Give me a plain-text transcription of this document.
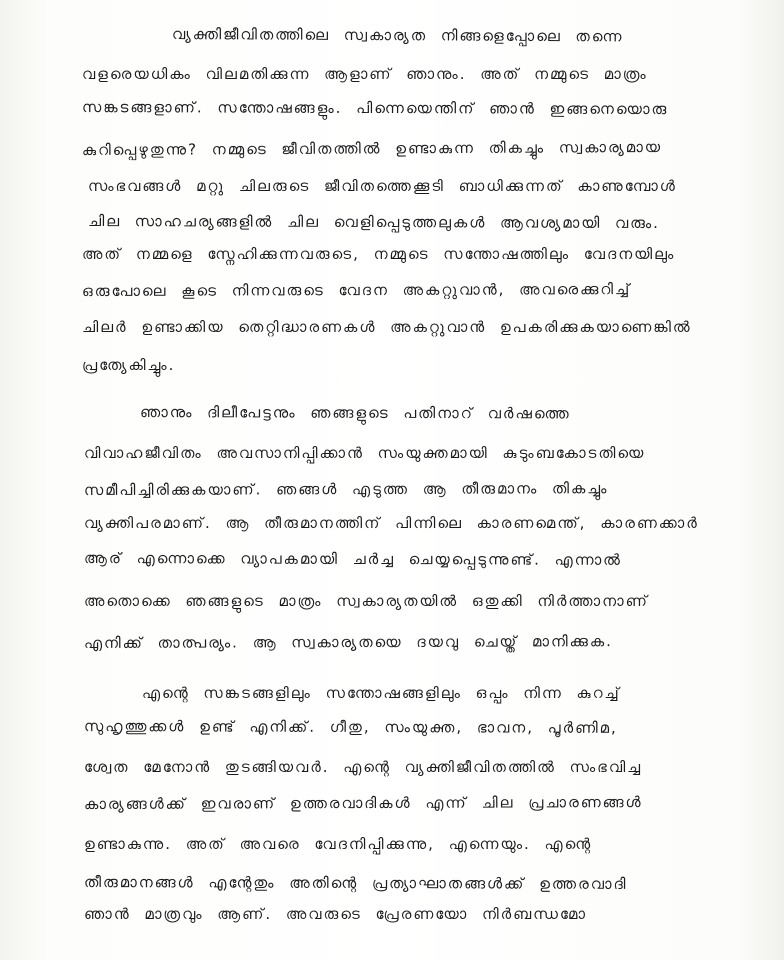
വ്യക്തിജീവിതത്തിലെ സ്വകാര്യത നിങ്ങളെപ്പോലെ തന്നെ
വളരെയധികം വിലമതിക്കുന്ന ആളാണ് ഞാനും. അത് നമ്മുടെ മാത്രം
സങ്കടങ്ങളാണ്. സന്തോഷങ്ങളും. പിന്നെയെന്തിന് ഞാൻ ഇങ്ങനെയൊരു
കുറിപ്പെഴുതുന്നു? നമ്മുടെ ജീവിതത്തിൽ ഉണ്ടാകുന്ന തികച്ചും സ്വകാര്യമായ
സംഭവങ്ങൾ മറ്റു ചിലരുടെ ജീവിതത്തെക്കൂടി ബാധിക്കുന്നത് കാണുമ്പോൾ
ചില സാഹചര്യങ്ങളിൽ ചില വെളിപ്പെടുത്തലുകൾ ആവശ്യമായി വരും.
അത് നമ്മളെ സ്നേഹിക്കുന്നവരുടെ, നമ്മുടെ സന്തോഷത്തിലും വേദനയിലും
ഒരുപോലെ കൂടെ നിന്നവരുടെ വേദന അകറ്റുവാൻ, അവരെക്കുറിച്ച്
ചിലർ ഉണ്ടാക്കിയ തെറ്റിദ്ധാരണകൾ അകറ്റുവാൻ ഉപകരിക്കുകയാണെങ്കിൽ
പ്രത്യേകിച്ചും.
ഞാനും ദിലീപേട്ടനും ഞങ്ങളുടെ പതിനാറ് വർഷത്തെ
വിവാഹജീവിതം അവസാനിപ്പിക്കാൻ സംയുക്തമായി കുടുംബകോടതിയെ
സമീപിച്ചിരിക്കുകയാണ്. ഞങ്ങൾ എടുത്ത ആ തീരുമാനം തികച്ചും
വ്യക്തിപരമാണ്. ആ തീരുമാനത്തിന് പിന്നിലെ കാരണമെന്ത്, കാരണക്കാർ
ആര് എന്നൊക്കെ വ്യാപകമായി ചർച്ച ചെയ്യപ്പെടുന്നുണ്ട്. എന്നാൽ
അതൊക്കെ ഞങ്ങളുടെ മാത്രം സ്വകാര്യതയിൽ ഒതുക്കി നിർത്താനാണ്
എനിക്ക് താത്പര്യം. ആ സ്വകാര്യതയെ ദയവു ചെയ്ത് മാനിക്കുക.
എന്റെ സങ്കടങ്ങളിലും സന്തോഷങ്ങളിലും ഒപ്പം നിന്ന കുറച്ച്
സുഹൃത്തുക്കൾ ഉണ്ട് എനിക്ക്. ഗീതു, സംയുക്ത, ഭാവന, പൂർണിമ,
ശ്വേത മേനോൻ തുടങ്ങിയവർ. എന്റെ വ്യക്തിജീവിതത്തിൽ സംഭവിച്ച
കാര്യങ്ങൾക്ക് ഇവരാണ് ഉത്തരവാദികൾ എന്ന് ചില പ്രചാരണങ്ങൾ
ഉണ്ടാകുന്നു. അത് അവരെ വേദനിപ്പിക്കുന്നു, എന്നെയും. എന്റെ
തീരുമാനങ്ങൾ എന്റേതും അതിന്റെ പ്രത്യാഘാതങ്ങൾക്ക് ഉത്തരവാദി
ഞാൻ മാത്രവും ആണ്. അവരുടെ പ്രേരണയോ നിർബന്ധമോ
